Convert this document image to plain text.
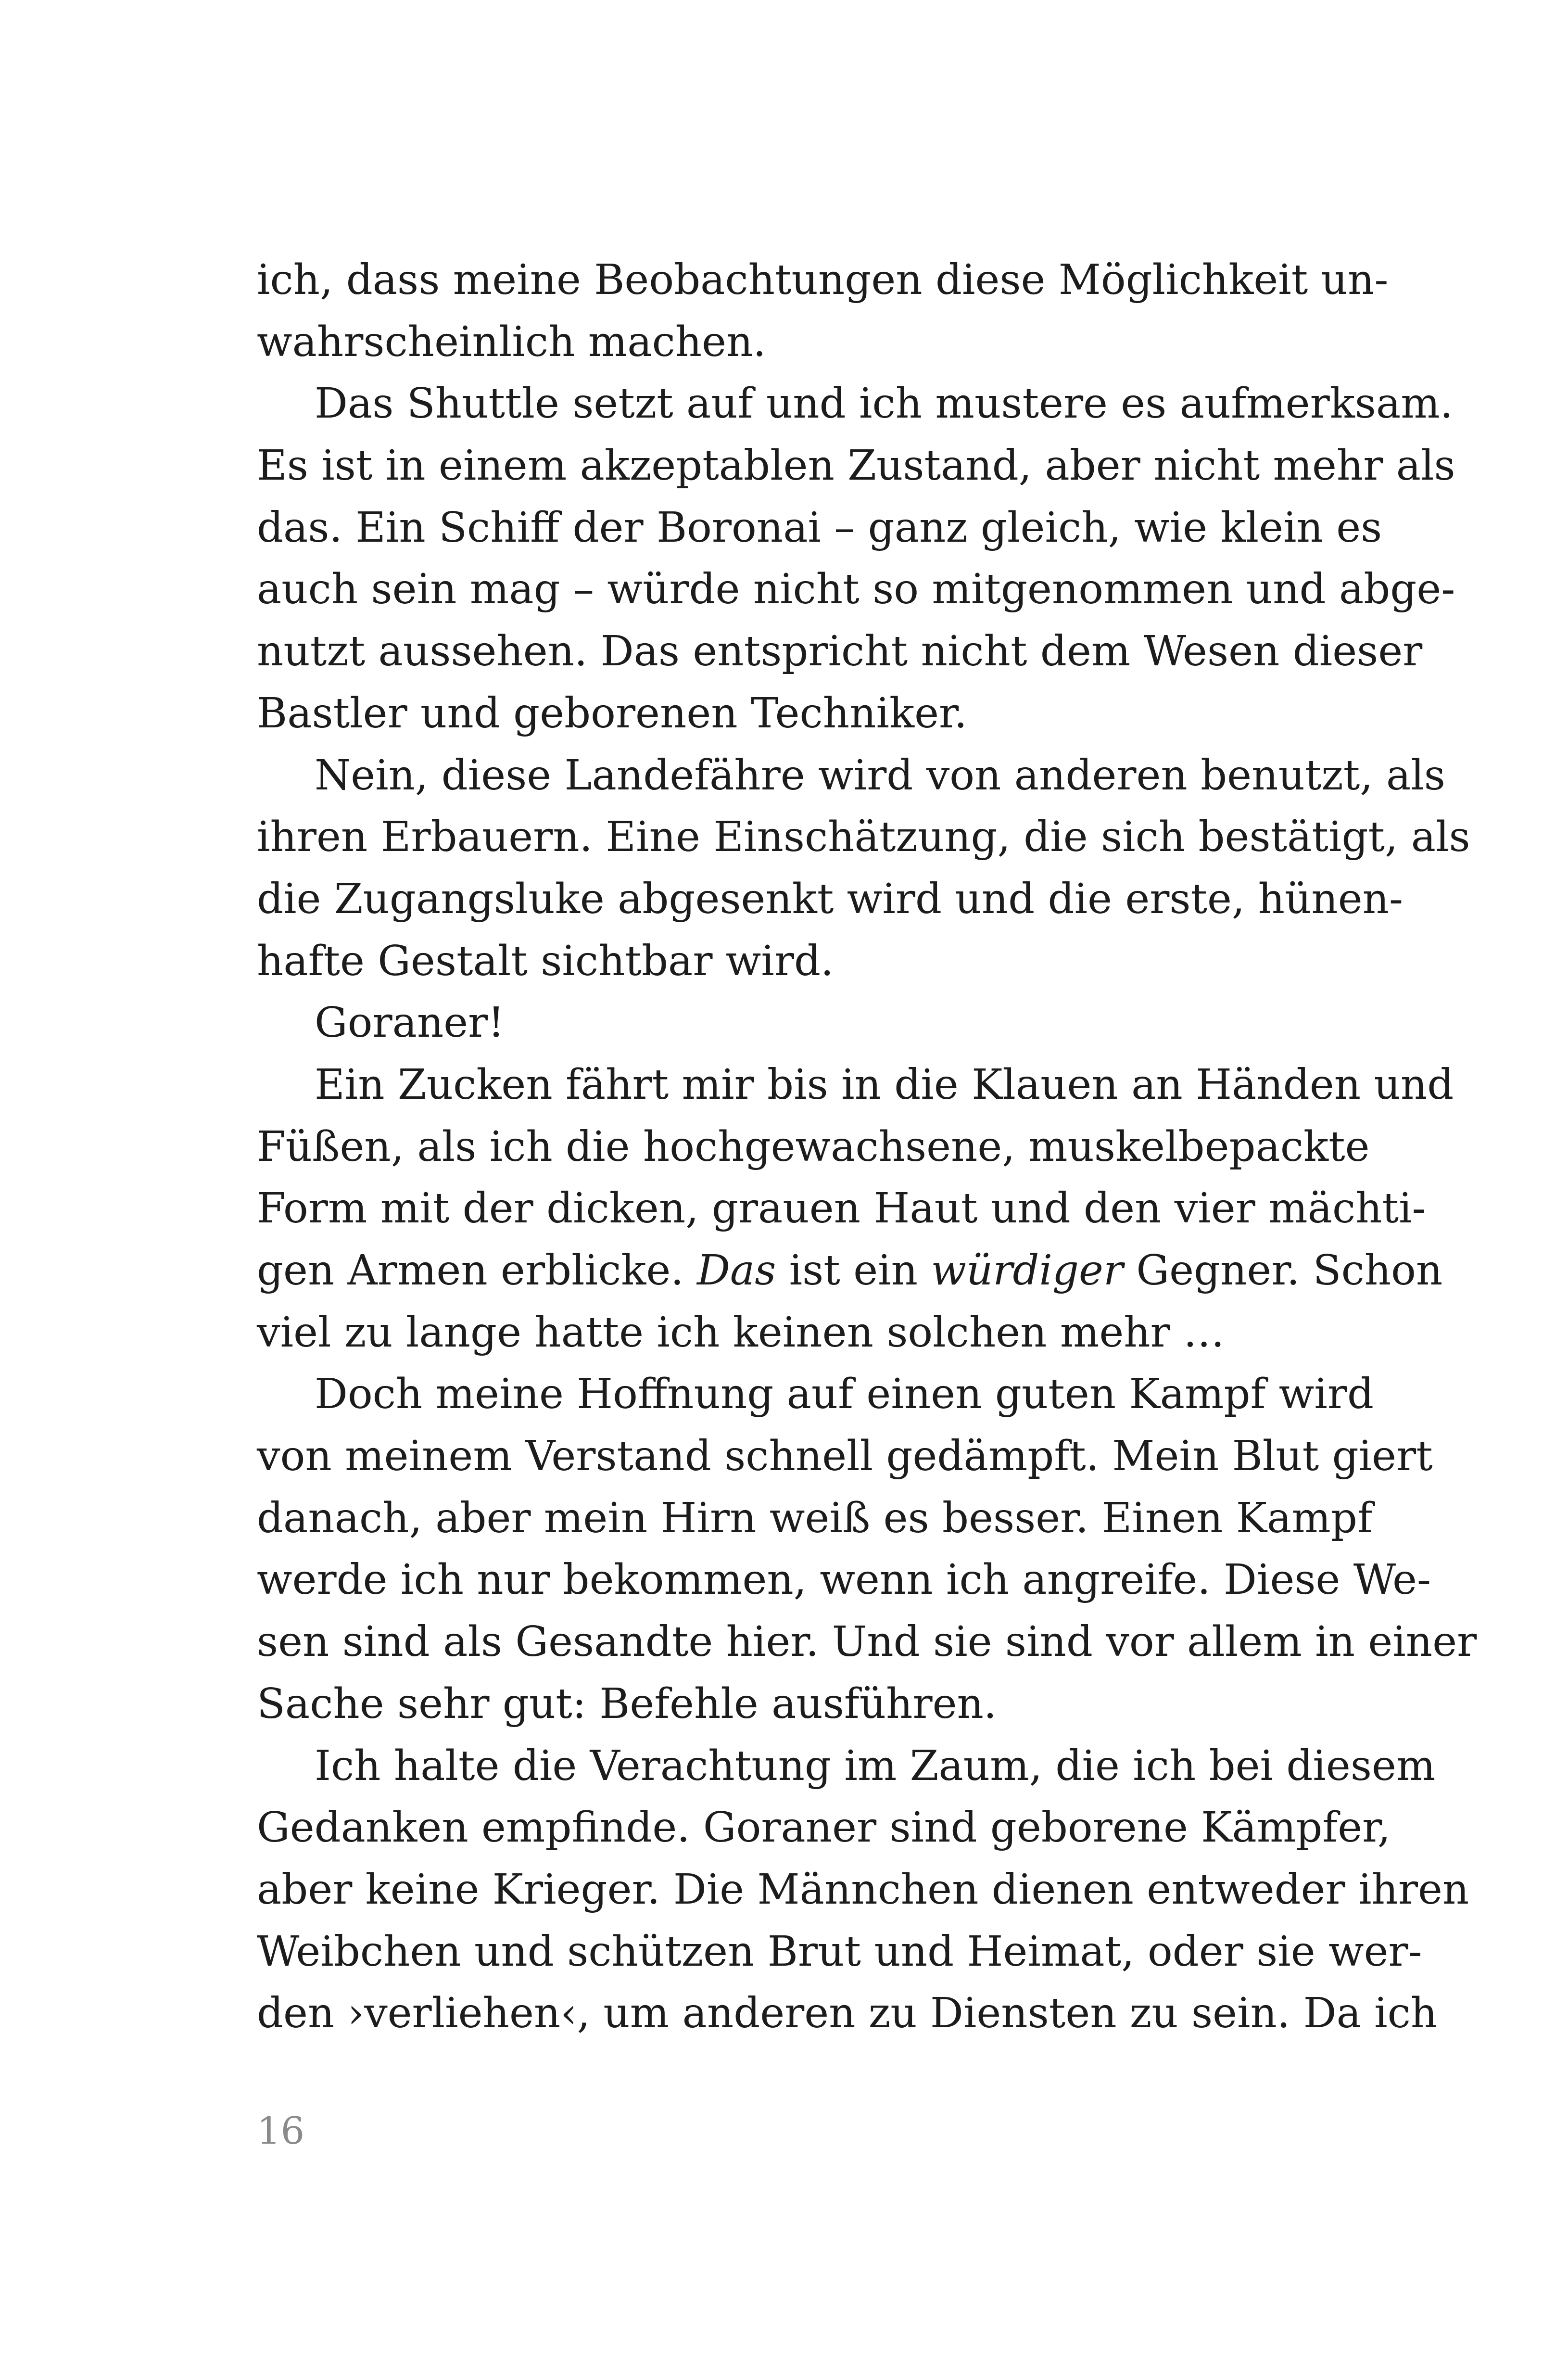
ich, dass meine Beobachtungen diese Möglichkeit un-
wahrscheinlich machen.
Das Shuttle setzt auf und ich mustere es aufmerksam.
Es ist in einem akzeptablen Zustand, aber nicht mehr als
das. Ein Schiff der Boronai – ganz gleich, wie klein es
auch sein mag – würde nicht so mitgenommen und abge-
nutzt aussehen. Das entspricht nicht dem Wesen dieser
Bastler und geborenen Techniker.
Nein, diese Landefähre wird von anderen benutzt, als
ihren Erbauern. Eine Einschätzung, die sich bestätigt, als
die Zugangsluke abgesenkt wird und die erste, hünen-
hafte Gestalt sichtbar wird.
Goraner!
Ein Zucken fährt mir bis in die Klauen an Händen und
Füßen, als ich die hochgewachsene, muskelbepackte
Form mit der dicken, grauen Haut und den vier mächti-
gen Armen erblicke. Das ist ein würdiger Gegner. Schon
viel zu lange hatte ich keinen solchen mehr …
Doch meine Hoffnung auf einen guten Kampf wird
von meinem Verstand schnell gedämpft. Mein Blut giert
danach, aber mein Hirn weiß es besser. Einen Kampf
werde ich nur bekommen, wenn ich angreife. Diese We-
sen sind als Gesandte hier. Und sie sind vor allem in einer
Sache sehr gut: Befehle ausführen.
Ich halte die Verachtung im Zaum, die ich bei diesem
Gedanken empfinde. Goraner sind geborene Kämpfer,
aber keine Krieger. Die Männchen dienen entweder ihren
Weibchen und schützen Brut und Heimat, oder sie wer-
den ›verliehen‹, um anderen zu Diensten zu sein. Da ich
16
